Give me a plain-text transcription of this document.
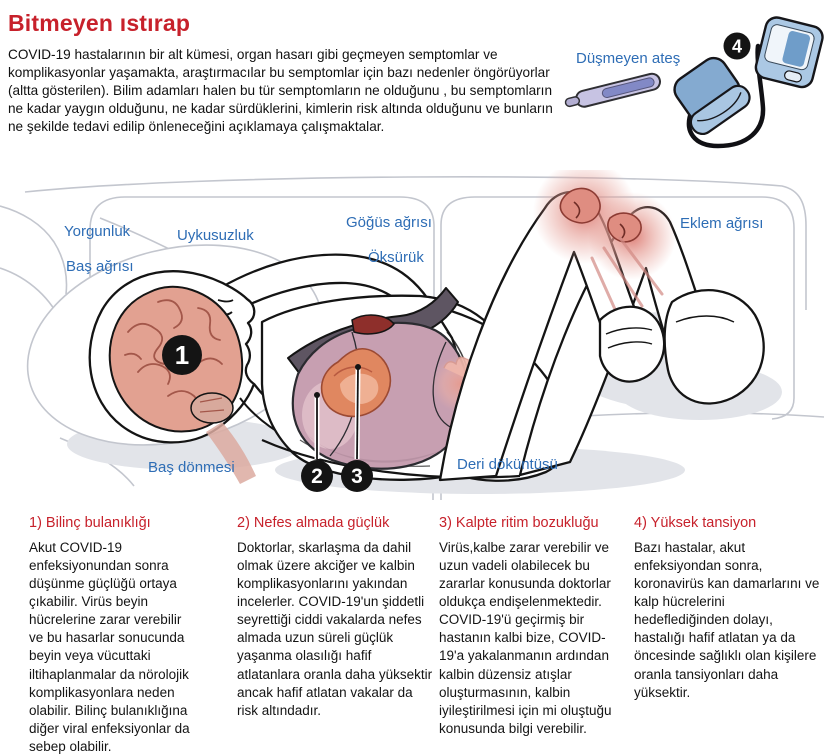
Bitmeyen ıstırap

COVID-19 hastalarının bir alt kümesi, organ hasarı gibi geçmeyen semptomlar ve komplikasyonlar yaşamakta, araştırmacılar bu semptomlar için bazı nedenler öngörüyorlar (altta gösterilen). Bilim adamları halen bu tür semptomların ne olduğunu , bu semptomların ne kadar yaygın olduğunu, ne kadar sürdüklerini, kimlerin risk altında olduğunu ve bunların ne şekilde tedavi edilip önleneceğini açıklamaya çalışmaktalar.

Düşmeyen ateş
4
1
2 3
Yorgunluk
Baş ağrısı
Uykusuzluk
Göğüs ağrısı
Öksürük
Eklem ağrısı
Baş dönmesi	Deri döküntüsü
1) Bilinç bulanıklığı

Akut COVID-19 enfeksiyonundan sonra düşünme güçlüğü ortaya çıkabilir. Virüs beyin hücrelerine zarar verebilir ve bu hasarlar sonucunda beyin veya vücuttaki iltihaplanmalar da nörolojik komplikasyonlara neden olabilir. Bilinç bulanıklığına diğer viral enfeksiyonlar da sebep olabilir.

2) Nefes almada güçlük

Doktorlar, skarlaşma da dahil olmak üzere akciğer ve kalbin komplikasyonlarını yakından incelerler. COVID-19'un şiddetli seyrettiği ciddi vakalarda nefes almada uzun süreli güçlük yaşanma olasılığı hafif atlatanlara oranla daha yüksektir ancak hafif atlatan vakalar da risk altındadır.

3) Kalpte ritim bozukluğu

Virüs,kalbe zarar verebilir ve uzun vadeli olabilecek bu zararlar konusunda doktorlar oldukça endişelenmektedir. COVID-19'ü geçirmiş bir hastanın kalbi bize, COVID-19'a yakalanmanın ardından kalbin düzensiz atışlar oluşturmasının, kalbin iyileştirilmesi için mi oluştuğu konusunda bilgi verebilir.

4) Yüksek tansiyon

Bazı hastalar, akut enfeksiyondan sonra, koronavirüs kan damarlarını ve kalp hücrelerini hedeflediğinden dolayı, hastalığı hafif atlatan ya da öncesinde sağlıklı olan kişilere oranla tansiyonları daha yüksektir.
